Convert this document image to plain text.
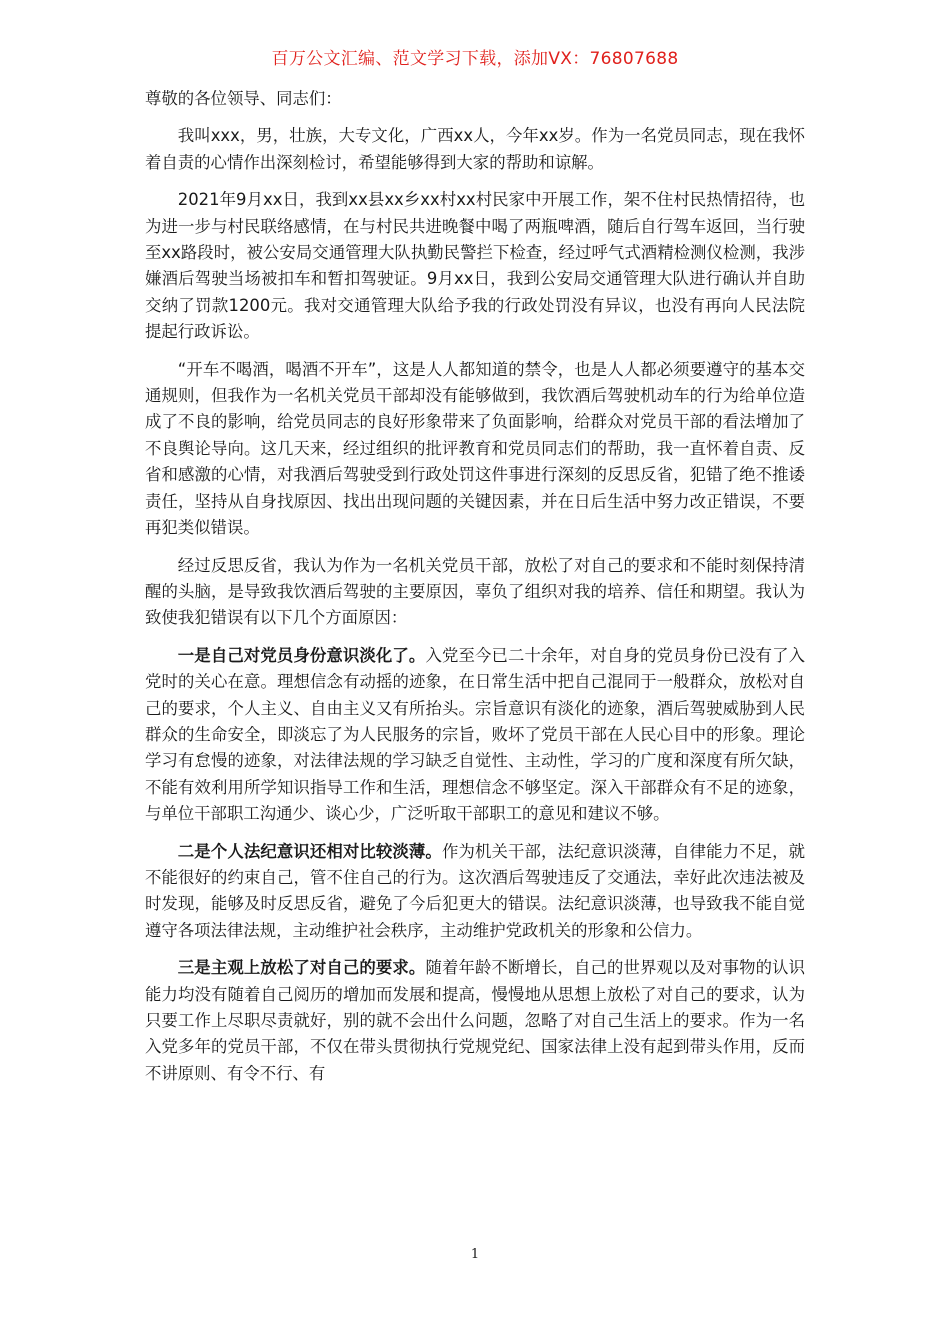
百万公文汇编、范文学习下载，添加VX：76807688

尊敬的各位领导、同志们：

我叫xxx，男，壮族，大专文化，广西xx人，今年xx岁。作为一名党员同志，现在我怀着自责的心情作出深刻检讨，希望能够得到大家的帮助和谅解。

2021年9月xx日，我到xx县xx乡xx村xx村民家中开展工作，架不住村民热情招待，也为进一步与村民联络感情，在与村民共进晚餐中喝了两瓶啤酒，随后自行驾车返回，当行驶至xx路段时，被公安局交通管理大队执勤民警拦下检查，经过呼气式酒精检测仪检测，我涉嫌酒后驾驶当场被扣车和暂扣驾驶证。9月xx日，我到公安局交通管理大队进行确认并自助交纳了罚款1200元。我对交通管理大队给予我的行政处罚没有异议，也没有再向人民法院提起行政诉讼。

“开车不喝酒，喝酒不开车”，这是人人都知道的禁令，也是人人都必须要遵守的基本交通规则，但我作为一名机关党员干部却没有能够做到，我饮酒后驾驶机动车的行为给单位造成了不良的影响，给党员同志的良好形象带来了负面影响，给群众对党员干部的看法增加了不良舆论导向。这几天来，经过组织的批评教育和党员同志们的帮助，我一直怀着自责、反省和感激的心情，对我酒后驾驶受到行政处罚这件事进行深刻的反思反省，犯错了绝不推诿责任，坚持从自身找原因、找出出现问题的关键因素，并在日后生活中努力改正错误，不要再犯类似错误。

经过反思反省，我认为作为一名机关党员干部，放松了对自己的要求和不能时刻保持清醒的头脑，是导致我饮酒后驾驶的主要原因，辜负了组织对我的培养、信任和期望。我认为致使我犯错误有以下几个方面原因：

一是自己对党员身份意识淡化了。入党至今已二十余年，对自身的党员身份已没有了入党时的关心在意。理想信念有动摇的迹象，在日常生活中把自己混同于一般群众，放松对自己的要求，个人主义、自由主义又有所抬头。宗旨意识有淡化的迹象，酒后驾驶威胁到人民群众的生命安全，即淡忘了为人民服务的宗旨，败坏了党员干部在人民心目中的形象。理论学习有怠慢的迹象，对法律法规的学习缺乏自觉性、主动性，学习的广度和深度有所欠缺，不能有效利用所学知识指导工作和生活，理想信念不够坚定。深入干部群众有不足的迹象，与单位干部职工沟通少、谈心少，广泛听取干部职工的意见和建议不够。

二是个人法纪意识还相对比较淡薄。作为机关干部，法纪意识淡薄，自律能力不足，就不能很好的约束自己，管不住自己的行为。这次酒后驾驶违反了交通法，幸好此次违法被及时发现，能够及时反思反省，避免了今后犯更大的错误。法纪意识淡薄，也导致我不能自觉遵守各项法律法规，主动维护社会秩序，主动维护党政机关的形象和公信力。

三是主观上放松了对自己的要求。随着年龄不断增长，自己的世界观以及对事物的认识能力均没有随着自己阅历的增加而发展和提高，慢慢地从思想上放松了对自己的要求，认为只要工作上尽职尽责就好，别的就不会出什么问题，忽略了对自己生活上的要求。作为一名入党多年的党员干部，不仅在带头贯彻执行党规党纪、国家法律上没有起到带头作用，反而不讲原则、有令不行、有

1
